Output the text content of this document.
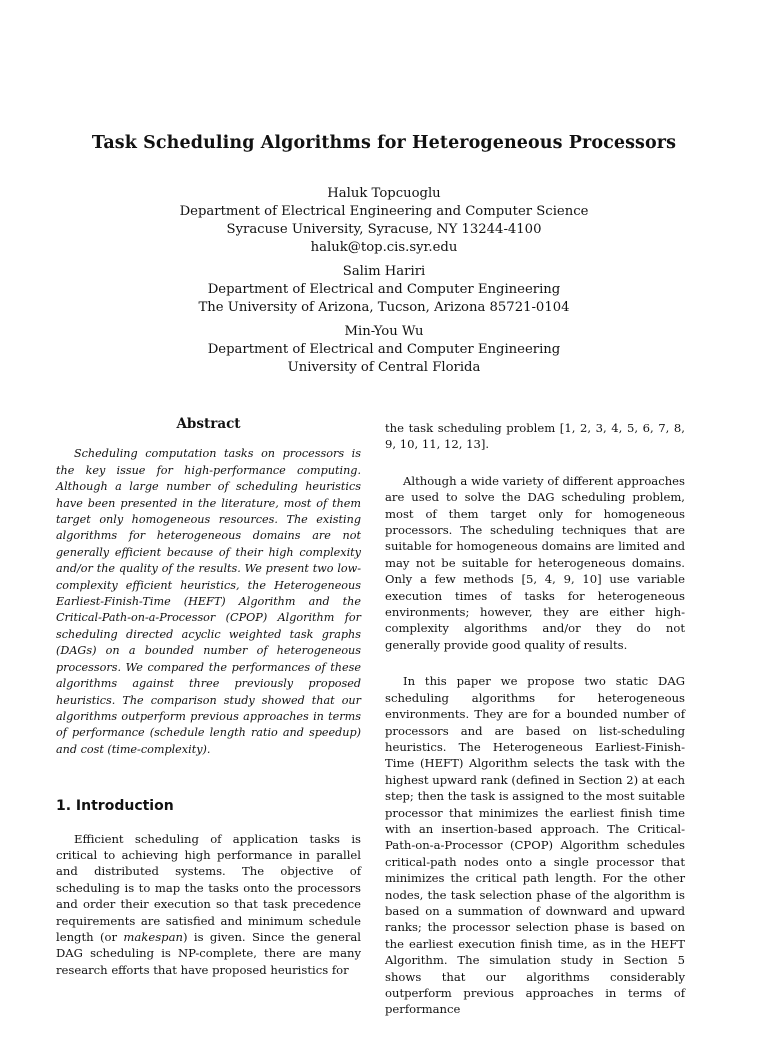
Task Scheduling Algorithms for Heterogeneous Processors
Haluk Topcuoglu
Department of Electrical Engineering and Computer Science
Syracuse University, Syracuse, NY 13244-4100
haluk@top.cis.syr.edu
Salim Hariri
Department of Electrical and Computer Engineering
The University of Arizona, Tucson, Arizona 85721-0104
Min-You Wu
Department of Electrical and Computer Engineering
University of Central Florida
Abstract

Scheduling computation tasks on processors is the key issue for high-performance computing. Although a large number of scheduling heuristics have been presented in the literature, most of them target only homogeneous resources. The existing algorithms for heterogeneous domains are not generally efficient because of their high complexity and/or the quality of the results. We present two low-complexity efficient heuristics, the Heterogeneous Earliest-Finish-Time (HEFT) Algorithm and the Critical-Path-on-a-Processor (CPOP) Algorithm for scheduling directed acyclic weighted task graphs (DAGs) on a bounded number of heterogeneous processors. We compared the performances of these algorithms against three previously proposed heuristics. The comparison study showed that our algorithms outperform previous approaches in terms of performance (schedule length ratio and speedup) and cost (time-complexity).

1. Introduction

Efficient scheduling of application tasks is critical to achieving high performance in parallel and distributed systems. The objective of scheduling is to map the tasks onto the processors and order their execution so that task precedence requirements are satisfied and minimum schedule length (or makespan) is given. Since the general DAG scheduling is NP-complete, there are many research efforts that have proposed heuristics for

the task scheduling problem [1, 2, 3, 4, 5, 6, 7, 8, 9, 10, 11, 12, 13].

Although a wide variety of different approaches are used to solve the DAG scheduling problem, most of them target only for homogeneous processors. The scheduling techniques that are suitable for homogeneous domains are limited and may not be suitable for heterogeneous domains. Only a few methods [5, 4, 9, 10] use variable execution times of tasks for heterogeneous environments; however, they are either high-complexity algorithms and/or they do not generally provide good quality of results.

In this paper we propose two static DAG scheduling algorithms for heterogeneous environments. They are for a bounded number of processors and are based on list-scheduling heuristics. The Heterogeneous Earliest-Finish-Time (HEFT) Algorithm selects the task with the highest upward rank (defined in Section 2) at each step; then the task is assigned to the most suitable processor that minimizes the earliest finish time with an insertion-based approach. The Critical-Path-on-a-Processor (CPOP) Algorithm schedules critical-path nodes onto a single processor that minimizes the critical path length. For the other nodes, the task selection phase of the algorithm is based on a summation of downward and upward ranks; the processor selection phase is based on the earliest execution finish time, as in the HEFT Algorithm. The simulation study in Section 5 shows that our algorithms considerably outperform previous approaches in terms of performance
